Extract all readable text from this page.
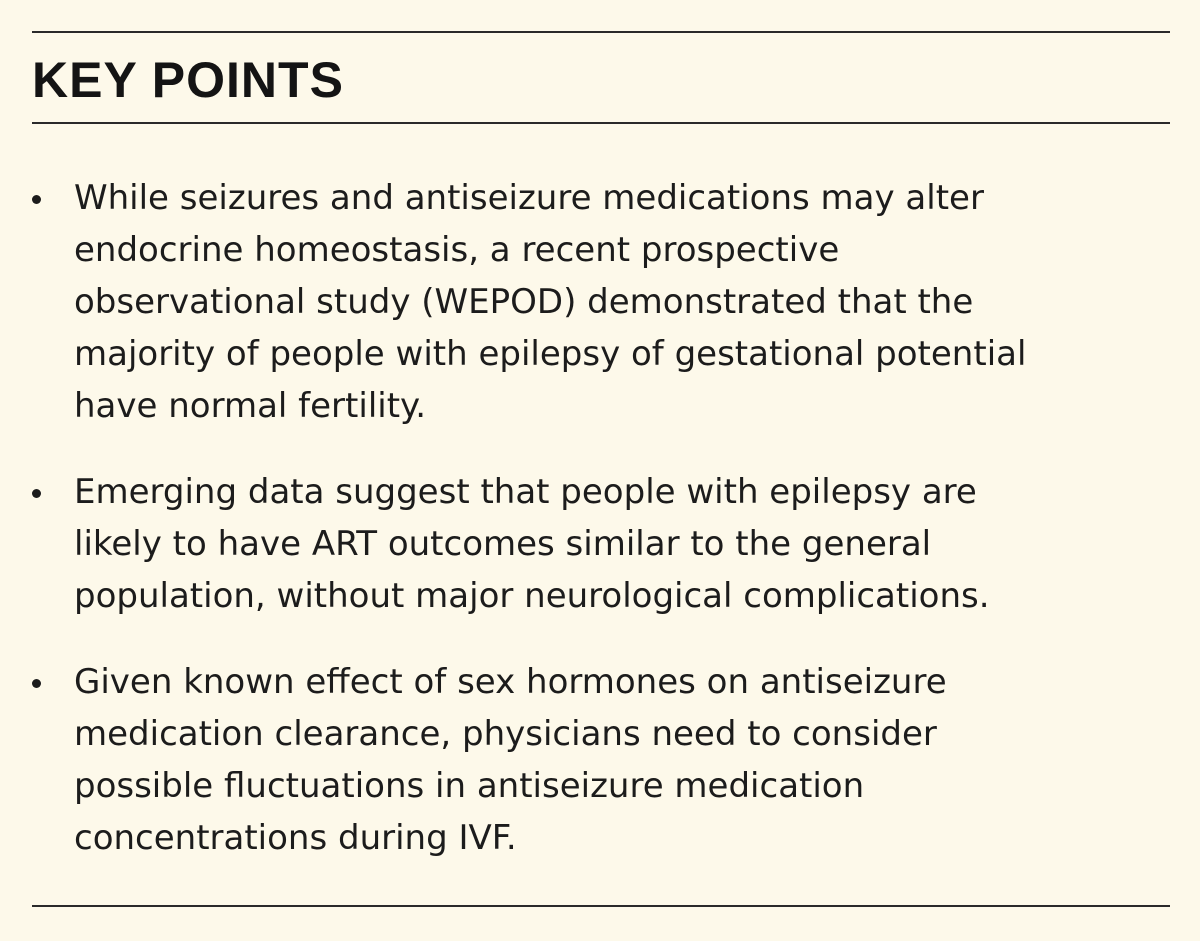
KEY POINTS
While seizures and antiseizure medications may alter
endocrine homeostasis, a recent prospective
observational study (WEPOD) demonstrated that the
majority of people with epilepsy of gestational potential
have normal fertility.
Emerging data suggest that people with epilepsy are
likely to have ART outcomes similar to the general
population, without major neurological complications.
Given known effect of sex hormones on antiseizure
medication clearance, physicians need to consider
possible fluctuations in antiseizure medication
concentrations during IVF.
